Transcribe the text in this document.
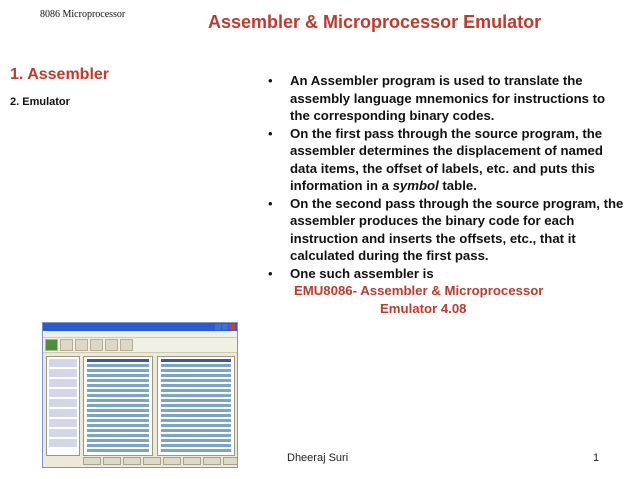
8086 Microprocessor	Assembler & Microprocessor Emulator
1. Assembler
2. Emulator
• An Assembler program is used to translate the assembly language mnemonics for instructions to the corresponding binary codes.
• On the first pass through the source program, the assembler determines the displacement of named data items, the offset of labels, etc. and puts this information in a symbol table.
• On the second pass through the source program, the assembler produces the binary code for each instruction and inserts the offsets, etc., that it calculated during the first pass.
• One such assembler is
EMU8086- Assembler & Microprocessor
Emulator 4.08
Dheeraj Suri	1
